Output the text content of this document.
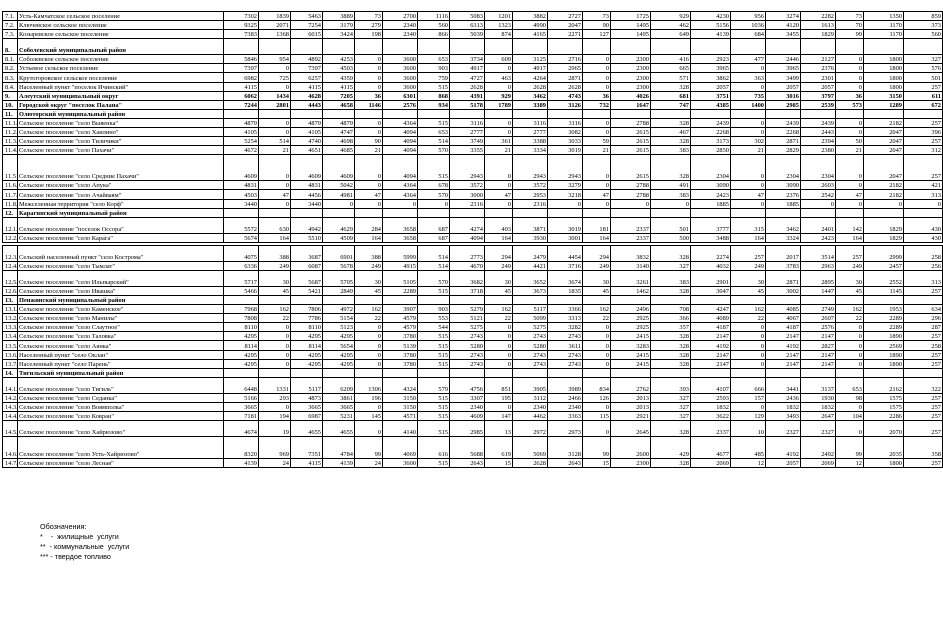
7.1.	Усть-Камчатское сельское поселение	7302	1839	5463	3889	73	2700	1116	5083	1201	3882	2727	73	1725	929	4230	956	3274	2282	73	1350	859
7.2.	Ключевское сельское поселение	9325	2071	7254	3179	279	2340	560	6313	1323	4990	2047	90	1495	462	5156	1036	4120	1613	70	1170	373
7.3.	Козыревское сельское поселение	7383	1368	6015	3424	198	2340	866	5039	874	4165	2271	127	1495	649	4139	684	3455	1829	99	1170	560
8.	Соболевский муниципальный район																					
8.1.	Соболевское сельское поселение	5846	954	4892	4253	0	3600	653	3734	609	3125	2716	0	2300	416	2923	477	2446	2127	0	1800	327
8.2.	Устьевое сельское поселение	7397	0	7397	4503	0	3600	903	4917	0	4917	2965	0	2300	665	3965	0	3965	2376	0	1800	576
8.3.	Крутогоровское сельское поселение	6982	725	6257	4359	0	3600	759	4727	463	4264	2871	0	2300	571	3862	363	3499	2301	0	1800	501
8.4.	Населенный пункт "поселок Ичинский"	4115	0	4115	4115	0	3600	515	2628	0	2628	2628	0	2300	328	2057	0	2057	2057	0	1800	257
9.	Алеутский муниципальный округ	6062	1434	4628	7205	36	6301	868	4391	929	3462	4743	36	4026	681	3751	735	3016	3797	36	3150	611
10.	Городской округ "поселок Палана"	7244	2801	4443	4658	1146	2576	934	5178	1789	3389	3126	732	1647	747	4385	1400	2985	2539	573	1289	672
11.	Олюторский муниципальный район																					
11.1.	Сельское поселение "село Вывенка"	4879	0	4879	4879	0	4364	515	3116	0	3116	3116	0	2788	328	2439	0	2439	2439	0	2182	257
11.2.	Сельское поселение "село Хаилино"	4105	0	4105	4747	0	4094	653	2777	0	2777	3082	0	2615	467	2268	0	2268	2443	0	2047	396
11.3.	Сельское поселение "село Тиличики"	5254	514	4740	4698	90	4094	514	3749	361	3388	3033	59	2615	328	3173	302	2871	2394	50	2047	257
11.4.	Сельское поселение "село Пахачи"	4672	21	4651	4685	21	4094	570	3355	21	3334	3019	21	2615	383	2850	21	2829	2380	21	2047	312
11.5	Сельское поселение "село Средние Пахачи"	4609	0	4609	4609	0	4094	515	2943	0	2943	2943	0	2615	328	2304	0	2304	2304	0	2047	257
11.6.	Сельское поселение "село Апука"	4831	0	4831	5042	0	4364	678	3572	0	3572	3279	0	2788	491	3090	0	3090	2603	0	2182	421
11.7.	Сельское поселение "село Ачайваям"	4503	47	4456	4981	47	4364	570	3000	47	2953	3218	47	2788	383	2423	47	2376	2542	47	2182	313
11.8.	Межселенная территория "село Корф"	3440	0	3440	0	0	0	0	2316	0	2316	0	0	0	0	1885	0	1885	0	0	0	0
12.	Карагинский муниципальный район																					
12.1.	Сельское поселение "поселок Оссора"	5572	630	4942	4629	284	3658	687	4274	403	3871	3019	181	2337	501	3777	315	3462	2401	142	1829	430
12.2.	Сельское поселение "село Карага"	5674	164	5510	4509	164	3658	687	4094	164	3930	3001	164	2337	500	3488	164	3324	2423	164	1829	430

12.3.	Сельский населенный пункт "село Кострома"	4075	388	3687	6901	388	5999	514	2773	294	2479	4454	294	3832	328	2274	257	2017	3514	257	2999	258
12.4.	Сельское поселение "село Тымлат"	6336	249	6087	5678	249	4915	514	4670	249	4421	3716	249	3140	327	4032	249	3783	2963	249	2457	256
12.5.	Сельское поселение "село Ильпырский"	5717	30	5687	5705	30	5105	570	3682	30	3652	3674	30	3261	383	2901	30	2871	2895	30	2552	313
12.6.	Сельское поселение "село Ивашка"	5466	45	5421	2849	45	2289	515	3718	45	3673	1835	45	1462	328	3047	45	3002	1447	45	1145	257
13.	Пенжинский муниципальный район																					
13.1.	Сельское поселение "село Каменское"	7968	162	7806	4972	162	3907	903	5279	162	5117	3366	162	2496	708	4247	162	4085	2749	162	1953	634
13.2.	Сельское поселение "село Манилы"	7808	22	7786	5154	22	4579	553	5121	22	5099	3313	22	2925	366	4089	22	4067	2607	22	2289	296
13.3.	Сельское поселение "село Слаутное"	8110	0	8110	5123	0	4579	544	5275	0	5275	3282	0	2925	357	4187	0	4187	2576	0	2289	287
13.4.	Сельское поселение "село Таловка"	4295	0	4295	4295	0	3780	515	2743	0	2743	2743	0	2415	328	2147	0	2147	2147	0	1890	257
13.5.	Сельское поселение "село Аянка"	8114	0	8114	5654	0	5139	515	5280	0	5280	3611	0	3283	328	4192	0	4192	2827	0	2569	258
13.6.	Населенный пункт "село Оклан"	4295	0	4295	4295	0	3780	515	2743	0	2743	2743	0	2415	328	2147	0	2147	2147	0	1890	257
13.7.	Населенный пункт "село Парень"	4295	0	4295	4295	0	3780	515	2743	0	2743	2743	0	2415	328	2147	0	2147	2147	0	1890	257
14.	Тигильский муниципальный район																					
14.1.	Сельское поселение "село Тигиль"	6448	1331	5117	6209	1306	4324	579	4756	851	3905	3989	834	2762	393	4107	666	3441	3137	653	2162	322
14.2.	Сельское поселение "село Седанка"	5166	293	4873	3861	196	3150	515	3307	195	3112	2466	126	2013	327	2593	157	2436	1930	98	1575	257
14.3.	Сельское поселение "село Воямполка"	3665	0	3665	3665	0	3150	515	2340	0	2340	2340	0	2013	327	1832	0	1832	1832	0	1575	257
14.4.	Сельское поселение "село Ковран"	7181	194	6987	5231	145	4571	515	4609	147	4462	3363	115	2921	327	3622	129	3493	2647	104	2286	257
14.5.	Сельское поселение "село Хайрюзово"	4674	19	4655	4655	0	4140	515	2985	13	2972	2973	0	2645	328	2337	10	2327	2327	0	2070	257
14.6.	Сельское поселение "село Усть-Хайрюзово"	8320	969	7351	4784	99	4069	616	5688	619	5069	3128	99	2600	429	4677	485	4192	2492	99	2035	358
14.7.	Сельское поселение "село Лесная"	4139	24	4115	4139	24	3600	515	2643	15	2628	2643	15	2300	328	2069	12	2057	2069	12	1800	257
Обозначения:
*    -  жилищные  услуги
**  - коммунальные  услуги
*** - твердое топливо
